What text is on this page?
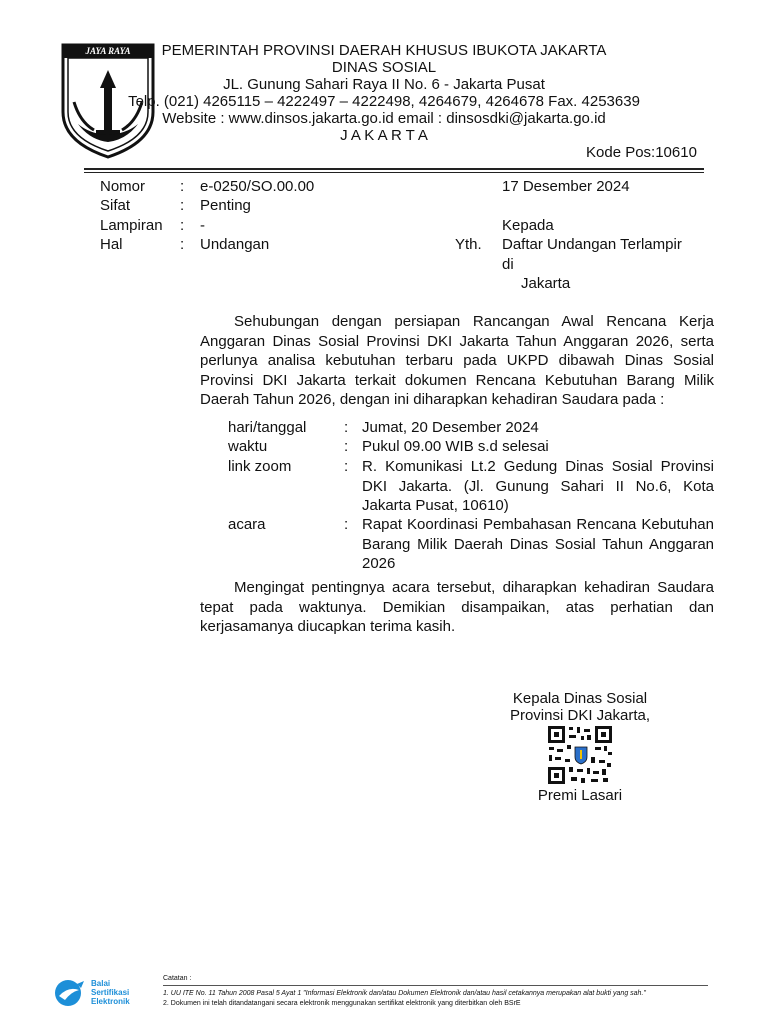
JAYA RAYA	PEMERINTAH PROVINSI DAERAH KHUSUS IBUKOTA JAKARTA
DINAS SOSIAL
JL. Gunung Sahari Raya II No. 6 - Jakarta Pusat
Telp. (021) 4265115 – 4222497 – 4222498, 4264679, 4264678 Fax. 4253639
Website : www.dinsos.jakarta.go.id email : dinsosdki@jakarta.go.id
J A K A R T A
Kode Pos:10610
Nomor : e-0250/SO.00.00
Sifat	: Penting
Lampiran : -
Hal	: Undangan
17 Desember 2024
Kepada
Yth. Daftar Undangan Terlampir
di
Jakarta
Sehubungan dengan persiapan Rancangan Awal Rencana Kerja Anggaran Dinas Sosial Provinsi DKI Jakarta Tahun Anggaran 2026, serta perlunya analisa kebutuhan terbaru pada UKPD dibawah Dinas Sosial Provinsi DKI Jakarta terkait dokumen Rencana Kebutuhan Barang Milik Daerah Tahun 2026, dengan ini diharapkan kehadiran Saudara pada :
hari/tanggal	: Jumat, 20 Desember 2024
waktu	: Pukul 09.00 WIB s.d selesai
link zoom	: R. Komunikasi Lt.2 Gedung Dinas Sosial Provinsi DKI Jakarta. (Jl. Gunung Sahari II No.6, Kota Jakarta Pusat, 10610)
acara	: Rapat Koordinasi Pembahasan Rencana Kebutuhan Barang Milik Daerah Dinas Sosial Tahun Anggaran 2026
Mengingat pentingnya acara tersebut, diharapkan kehadiran Saudara tepat pada waktunya. Demikian disampaikan, atas perhatian dan kerjasamanya diucapkan terima kasih.
Kepala Dinas Sosial
Provinsi DKI Jakarta,
Premi Lasari
Balai
Sertifikasi
Elektronik
Catatan :
1. UU ITE No. 11 Tahun 2008 Pasal 5 Ayat 1 "Informasi Elektronik dan/atau Dokumen Elektronik dan/atau hasil cetakannya merupakan alat bukti yang sah."
2. Dokumen ini telah ditandatangani secara elektronik menggunakan sertifikat elektronik yang diterbitkan oleh BSrE
